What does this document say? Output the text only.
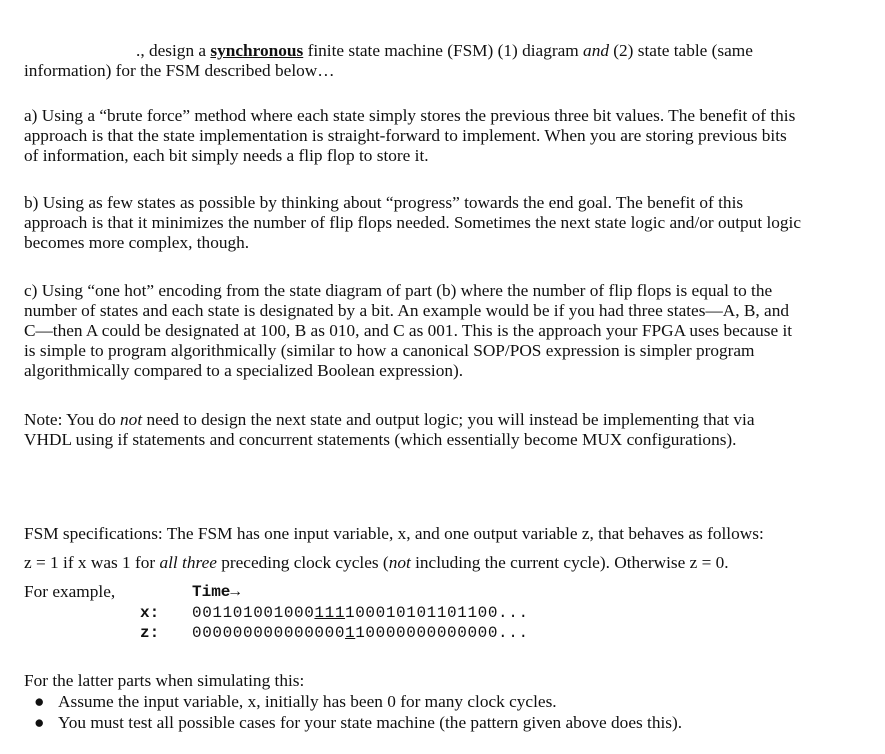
., design a synchronous finite state machine (FSM) (1) diagram and (2) state table (same
information) for the FSM described below…
a) Using a “brute force” method where each state simply stores the previous three bit values. The benefit of this
approach is that the state implementation is straight-forward to implement. When you are storing previous bits
of information, each bit simply needs a flip flop to store it.
b) Using as few states as possible by thinking about “progress” towards the end goal. The benefit of this
approach is that it minimizes the number of flip flops needed. Sometimes the next state logic and/or output logic
becomes more complex, though.
c) Using “one hot” encoding from the state diagram of part (b) where the number of flip flops is equal to the
number of states and each state is designated by a bit. An example would be if you had three states—A, B, and
C—then A could be designated at 100, B as 010, and C as 001. This is the approach your FPGA uses because it
is simple to program algorithmically (similar to how a canonical SOP/POS expression is simpler program
algorithmically compared to a specialized Boolean expression).
Note: You do not need to design the next state and output logic; you will instead be implementing that via
VHDL using if statements and concurrent statements (which essentially become MUX configurations).
FSM specifications: The FSM has one input variable, x, and one output variable z, that behaves as follows:
z = 1 if x was 1 for all three preceding clock cycles (not including the current cycle). Otherwise z = 0.
For example,	Time→
x: 001101001000111100010101101100...
z: 000000000000000110000000000000...
For the latter parts when simulating this:
● Assume the input variable, x, initially has been 0 for many clock cycles.
● You must test all possible cases for your state machine (the pattern given above does this).
